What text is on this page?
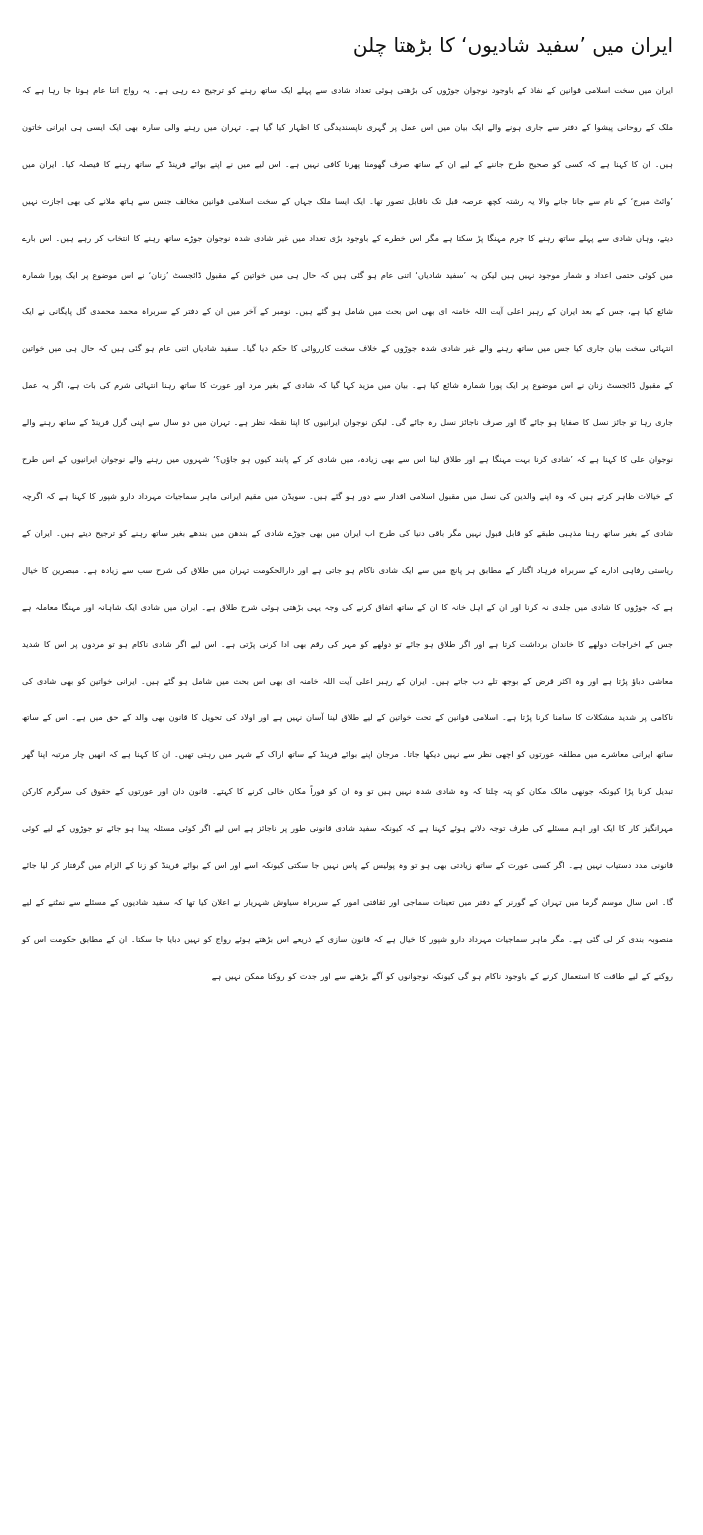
ایران میں ’سفید شادیوں‘ کا بڑھتا چلن

ایران میں سخت اسلامی قوانین کے نفاذ کے باوجود نوجوان جوڑوں کی بڑھتی ہوئی تعداد شادی سے پہلے ایک ساتھ رہنے کو ترجیح دے رہی ہے۔ یہ رواج اتنا عام ہوتا جا رہا ہے کہ ملک کے روحانی پیشوا کے دفتر سے جاری ہونے والے ایک بیان میں اس عمل پر گہری ناپسندیدگی کا اظہار کیا گیا ہے۔ تہران میں رہنے والی سارہ بھی ایک ایسی ہی ایرانی خاتون ہیں۔ ان کا کہنا ہے کہ کسی کو صحیح طرح جاننے کے لیے ان کے ساتھ صرف گھومنا پھرنا کافی نہیں ہے۔ اس لیے میں نے اپنے بوائے فرینڈ کے ساتھ رہنے کا فیصلہ کیا۔ ایران میں ’وائٹ میرج‘ کے نام سے جانا جانے والا یہ رشتہ کچھ عرصہ قبل تک ناقابل تصور تھا۔ ایک ایسا ملک جہاں کے سخت اسلامی قوانین مخالف جنس سے ہاتھ ملانے کی بھی اجازت نہیں دیتے، وہاں شادی سے پہلے ساتھ رہنے کا جرم مہنگا پڑ سکتا ہے مگر اس خطرے کے باوجود بڑی تعداد میں غیر شادی شدہ نوجوان جوڑے ساتھ رہنے کا انتخاب کر رہے ہیں۔ اس بارے میں کوئی حتمی اعداد و شمار موجود نہیں ہیں لیکن یہ ’سفید شادیاں‘ اتنی عام ہو گئی ہیں کہ حال ہی میں خواتین کے مقبول ڈائجسٹ ’زنان‘ نے اس موضوع پر ایک پورا شمارہ شائع کیا ہے، جس کے بعد ایران کے رہبر اعلی آیت اللہ خامنہ ای بھی اس بحث میں شامل ہو گئے ہیں۔ نومبر کے آخر میں ان کے دفتر کے سربراہ محمد محمدی گل پایگانی نے ایک انتہائی سخت بیان جاری کیا جس میں ساتھ رہنے والے غیر شادی شدہ جوڑوں کے خلاف سخت کارروائی کا حکم دیا گیا۔ سفید شادیاں اتنی عام ہو گئی ہیں کہ حال ہی میں خواتین کے مقبول ڈائجسٹ زنان نے اس موضوع پر ایک پورا شمارہ شائع کیا ہے۔ بیان میں مزید کہا گیا کہ شادی کے بغیر مرد اور عورت کا ساتھ رہنا انتہائی شرم کی بات ہے، اگر یہ عمل جاری رہا تو جائز نسل کا صفایا ہو جائے گا اور صرف ناجائز نسل رہ جائے گی۔ لیکن نوجوان ایرانیوں کا اپنا نقطہ نظر ہے۔ تہران میں دو سال سے اپنی گرل فرینڈ کے ساتھ رہنے والے نوجوان علی کا کہنا ہے کہ ’شادی کرنا بہت مہنگا ہے اور طلاق لینا اس سے بھی زیادہ، میں شادی کر کے پابند کیوں ہو جاؤں؟‘ شہروں میں رہنے والے نوجوان ایرانیوں کے اس طرح کے خیالات ظاہر کرتے ہیں کہ وہ اپنے والدین کی نسل میں مقبول اسلامی اقدار سے دور ہو گئے ہیں۔ سویڈن میں مقیم ایرانی ماہر سماجیات مہرداد دارو شپور کا کہنا ہے کہ اگرچہ شادی کے بغیر ساتھ رہنا مذہبی طبقے کو قابل قبول نہیں مگر باقی دنیا کی طرح اب ایران میں بھی جوڑے شادی کے بندھن میں بندھے بغیر ساتھ رہنے کو ترجیح دیتے ہیں۔ ایران کے ریاستی رفاہی ادارے کے سربراہ فرہاد اگتار کے مطابق ہر پانچ میں سے ایک شادی ناکام ہو جاتی ہے اور دارالحکومت تہران میں طلاق کی شرح سب سے زیادہ ہے۔ مبصرین کا خیال ہے کہ جوڑوں کا شادی میں جلدی نہ کرنا اور ان کے اہل خانہ کا ان کے ساتھ اتفاق کرنے کی وجہ یہی بڑھتی ہوئی شرح طلاق ہے۔ ایران میں شادی ایک شاہانہ اور مہنگا معاملہ ہے جس کے اخراجات دولھے کا خاندان برداشت کرتا ہے اور اگر طلاق ہو جائے تو دولھے کو مہر کی رقم بھی ادا کرنی پڑتی ہے۔ اس لیے اگر شادی ناکام ہو تو مردوں پر اس کا شدید معاشی دباؤ پڑتا ہے اور وہ اکثر قرض کے بوجھ تلے دب جاتے ہیں۔ ایران کے رہبر اعلی آیت اللہ خامنہ ای بھی اس بحث میں شامل ہو گئے ہیں۔ ایرانی خواتین کو بھی شادی کی ناکامی پر شدید مشکلات کا سامنا کرنا پڑتا ہے۔ اسلامی قوانین کے تحت خواتین کے لیے طلاق لینا آسان نہیں ہے اور اولاد کی تحویل کا قانون بھی والد کے حق میں ہے۔ اس کے ساتھ ساتھ ایرانی معاشرے میں مطلقہ عورتوں کو اچھی نظر سے نہیں دیکھا جاتا۔ مرجان اپنے بوائے فرینڈ کے ساتھ اراک کے شہر میں رہتی تھیں۔ ان کا کہنا ہے کہ انھیں چار مرتبہ اپنا گھر تبدیل کرنا پڑا کیونکہ جونھی مالک مکان کو پتہ چلتا کہ وہ شادی شدہ نہیں ہیں تو وہ ان کو فوراً مکان خالی کرنے کا کہتے۔ قانون دان اور عورتوں کے حقوق کی سرگرم کارکن مہرانگیز کار کا ایک اور اہم مسئلے کی طرف توجہ دلاتے ہوئے کہنا ہے کہ کیونکہ سفید شادی قانونی طور پر ناجائز ہے اس لیے اگر کوئی مسئلہ پیدا ہو جائے تو جوڑوں کے لیے کوئی قانونی مدد دستیاب نہیں ہے۔ اگر کسی عورت کے ساتھ زیادتی بھی ہو تو وہ پولیس کے پاس نہیں جا سکتی کیونکہ اسے اور اس کے بوائے فرینڈ کو زنا کے الزام میں گرفتار کر لیا جائے گا۔ اس سال موسم گرما میں تہران کے گورنر کے دفتر میں تعینات سماجی اور ثقافتی امور کے سربراہ سیاوش شہریار نے اعلان کیا تھا کہ سفید شادیوں کے مسئلے سے نمٹنے کے لیے منصوبہ بندی کر لی گئی ہے۔ مگر ماہر سماجیات مہرداد دارو شپور کا خیال ہے کہ قانون سازی کے ذریعے اس بڑھتے ہوئے رواج کو نہیں دبایا جا سکتا۔ ان کے مطابق حکومت اس کو روکنے کے لیے طاقت کا استعمال کرنے کے باوجود ناکام ہو گی کیونکہ نوجوانوں کو آگے بڑھنے سے اور جدت کو روکنا ممکن نہیں ہے
